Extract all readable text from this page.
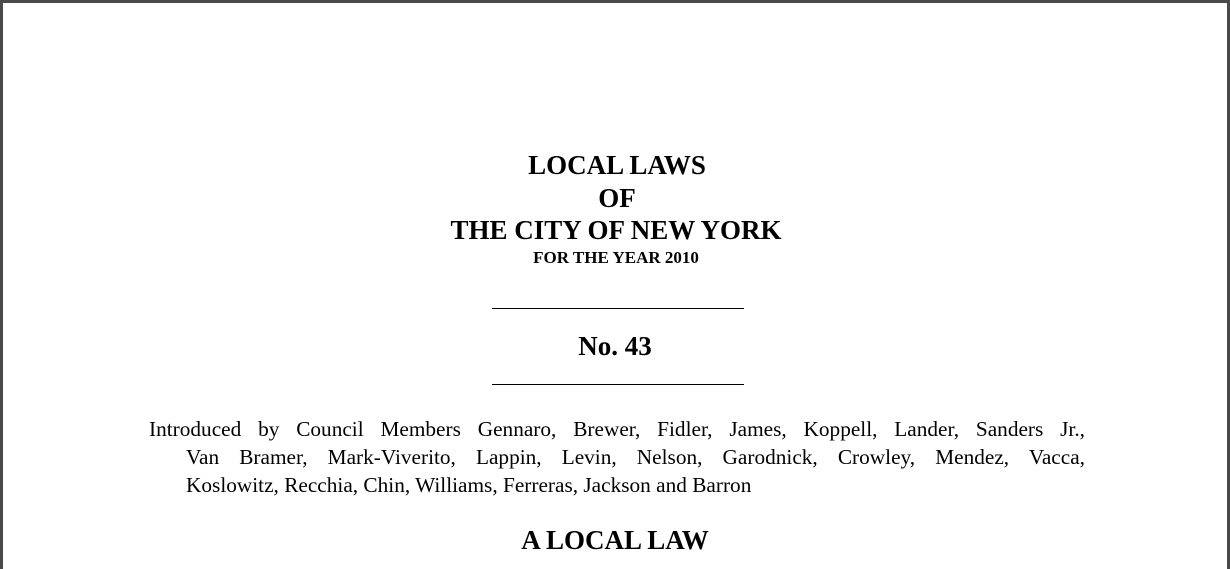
LOCAL LAWS
OF
THE CITY OF NEW YORK
FOR THE YEAR 2010
No. 43
Introduced by Council Members Gennaro, Brewer, Fidler, James, Koppell, Lander, Sanders Jr.,
Van Bramer, Mark-Viverito, Lappin, Levin, Nelson, Garodnick, Crowley, Mendez, Vacca,
Koslowitz, Recchia, Chin, Williams, Ferreras, Jackson and Barron
A LOCAL LAW
